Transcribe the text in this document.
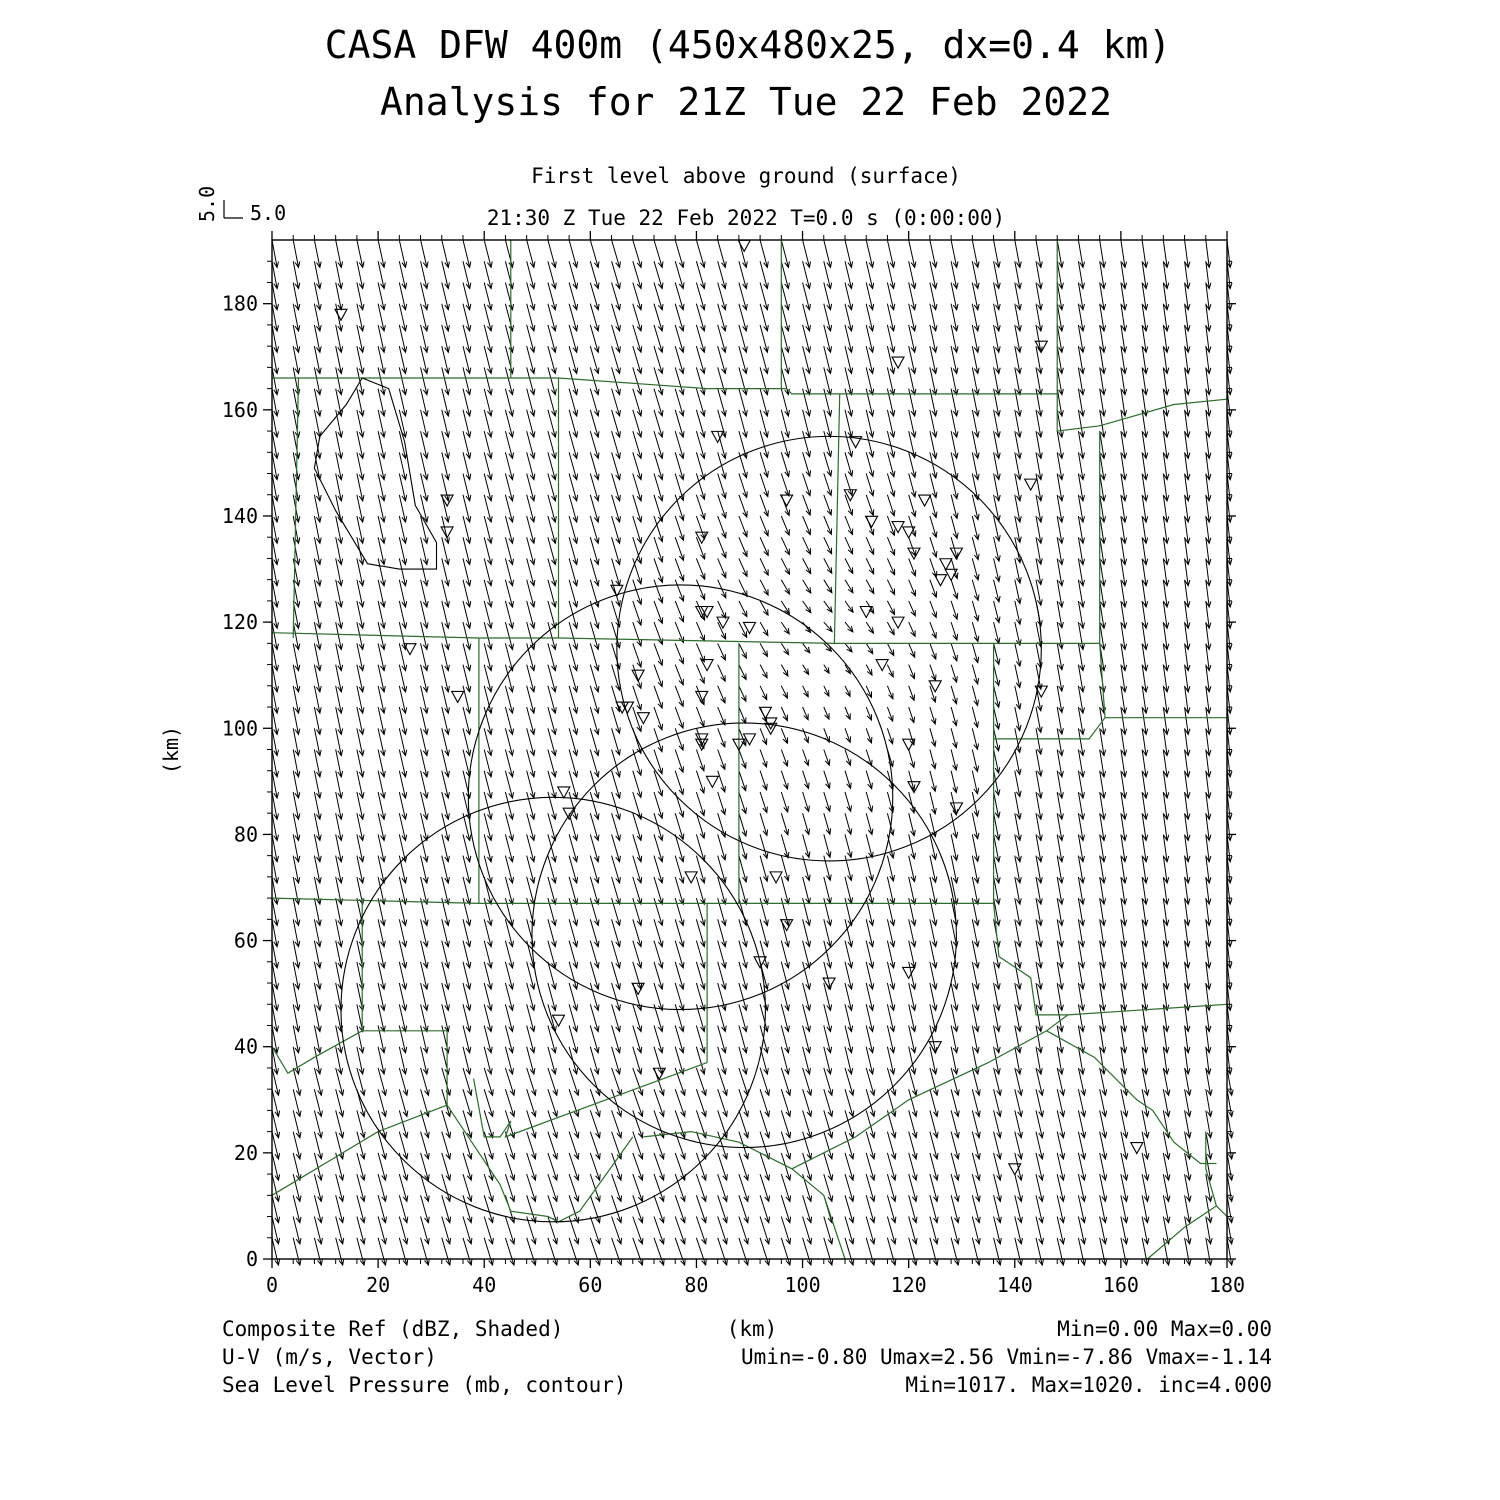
CASA DFW 400m (450x480x25, dx=0.4 km)
Analysis for 21Z Tue 22 Feb 2022
First level above ground (surface)
21:30 Z Tue 22 Feb 2022 T=0.0 s (0:00:00)
5.0
5.0
0	20	40	60	80	100	120	140	160	180
0
20
40
60
80
100
120
140
160
180
(km)
Composite Ref (dBZ, Shaded)	(km)	Min=0.00 Max=0.00
U-V (m/s, Vector)	Umin=-0.80 Umax=2.56 Vmin=-7.86 Vmax=-1.14
Sea Level Pressure (mb, contour)	Min=1017. Max=1020. inc=4.000
